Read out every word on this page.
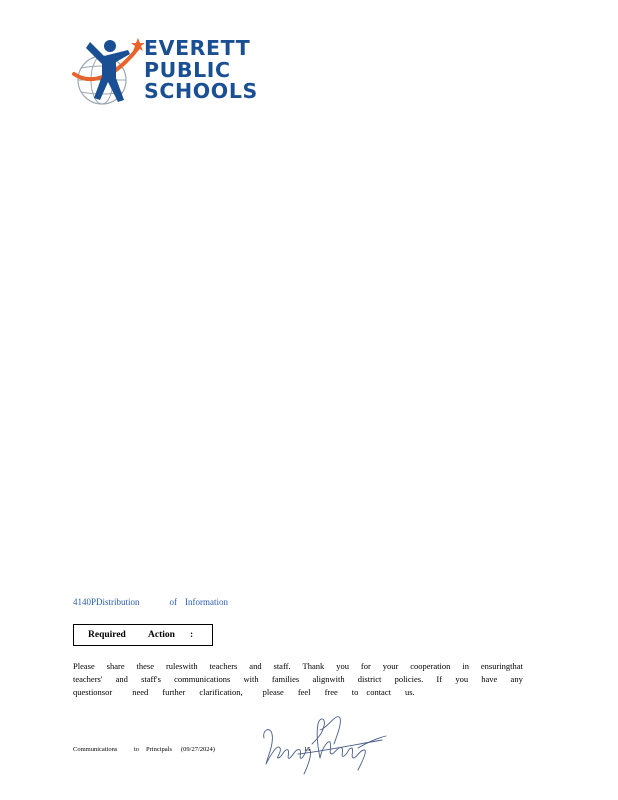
EVERETT
PUBLIC
SCHOOLS
4140PDistribution	of Information
Required Action :
Please share these ruleswith teachers and staff. Thank you for your cooperation in ensuringthat
teachers' and staff's communications with families alignwith district policies. If you have any
questionsor need further clarification, please feel free to contact us.
Communications	to Principals (09/27/2024)	15
